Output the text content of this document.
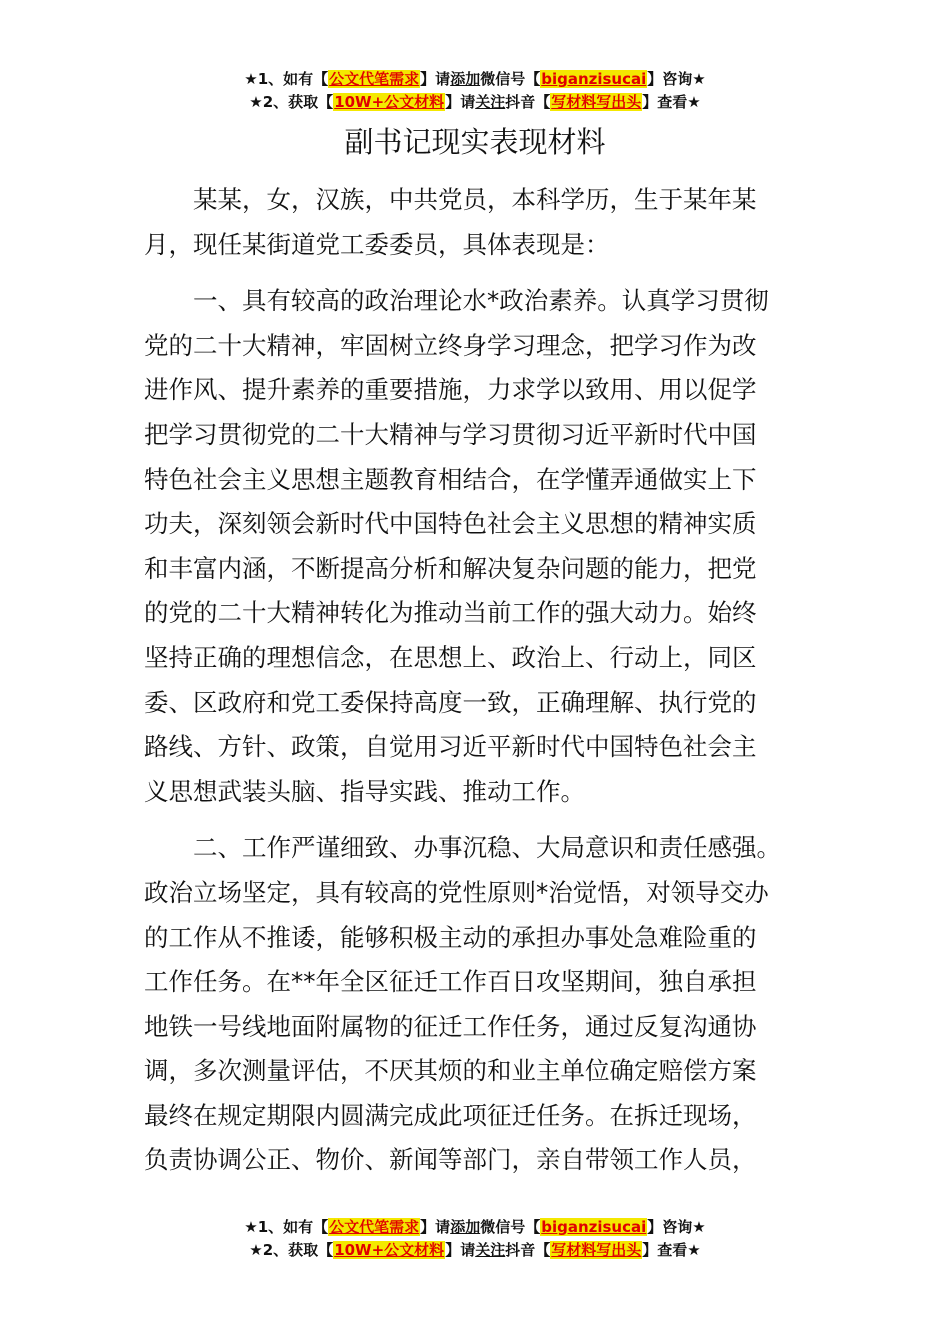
★1、如有【公文代笔需求】请添加微信号【biganzisucai】咨询★
★2、获取【10W+公文材料】请关注抖音【写材料写出头】查看★
副书记现实表现材料

某某，女，汉族，中共党员，本科学历，生于某年某
月，现任某街道党工委委员，具体表现是：

一、具有较高的政治理论水*政治素养。认真学习贯彻
党的二十大精神，牢固树立终身学习理念，把学习作为改
进作风、提升素养的重要措施，力求学以致用、用以促学
把学习贯彻党的二十大精神与学习贯彻习近平新时代中国
特色社会主义思想主题教育相结合，在学懂弄通做实上下
功夫，深刻领会新时代中国特色社会主义思想的精神实质
和丰富内涵，不断提高分析和解决复杂问题的能力，把党
的党的二十大精神转化为推动当前工作的强大动力。始终
坚持正确的理想信念，在思想上、政治上、行动上，同区
委、区政府和党工委保持高度一致，正确理解、执行党的
路线、方针、政策，自觉用习近平新时代中国特色社会主
义思想武装头脑、指导实践、推动工作。

二、工作严谨细致、办事沉稳、大局意识和责任感强。
政治立场坚定，具有较高的党性原则*治觉悟，对领导交办
的工作从不推诿，能够积极主动的承担办事处急难险重的
工作任务。在**年全区征迁工作百日攻坚期间，独自承担
地铁一号线地面附属物的征迁工作任务，通过反复沟通协
调，多次测量评估，不厌其烦的和业主单位确定赔偿方案
最终在规定期限内圆满完成此项征迁任务。在拆迁现场，
负责协调公正、物价、新闻等部门，亲自带领工作人员，

★1、如有【公文代笔需求】请添加微信号【biganzisucai】咨询★
★2、获取【10W+公文材料】请关注抖音【写材料写出头】查看★
